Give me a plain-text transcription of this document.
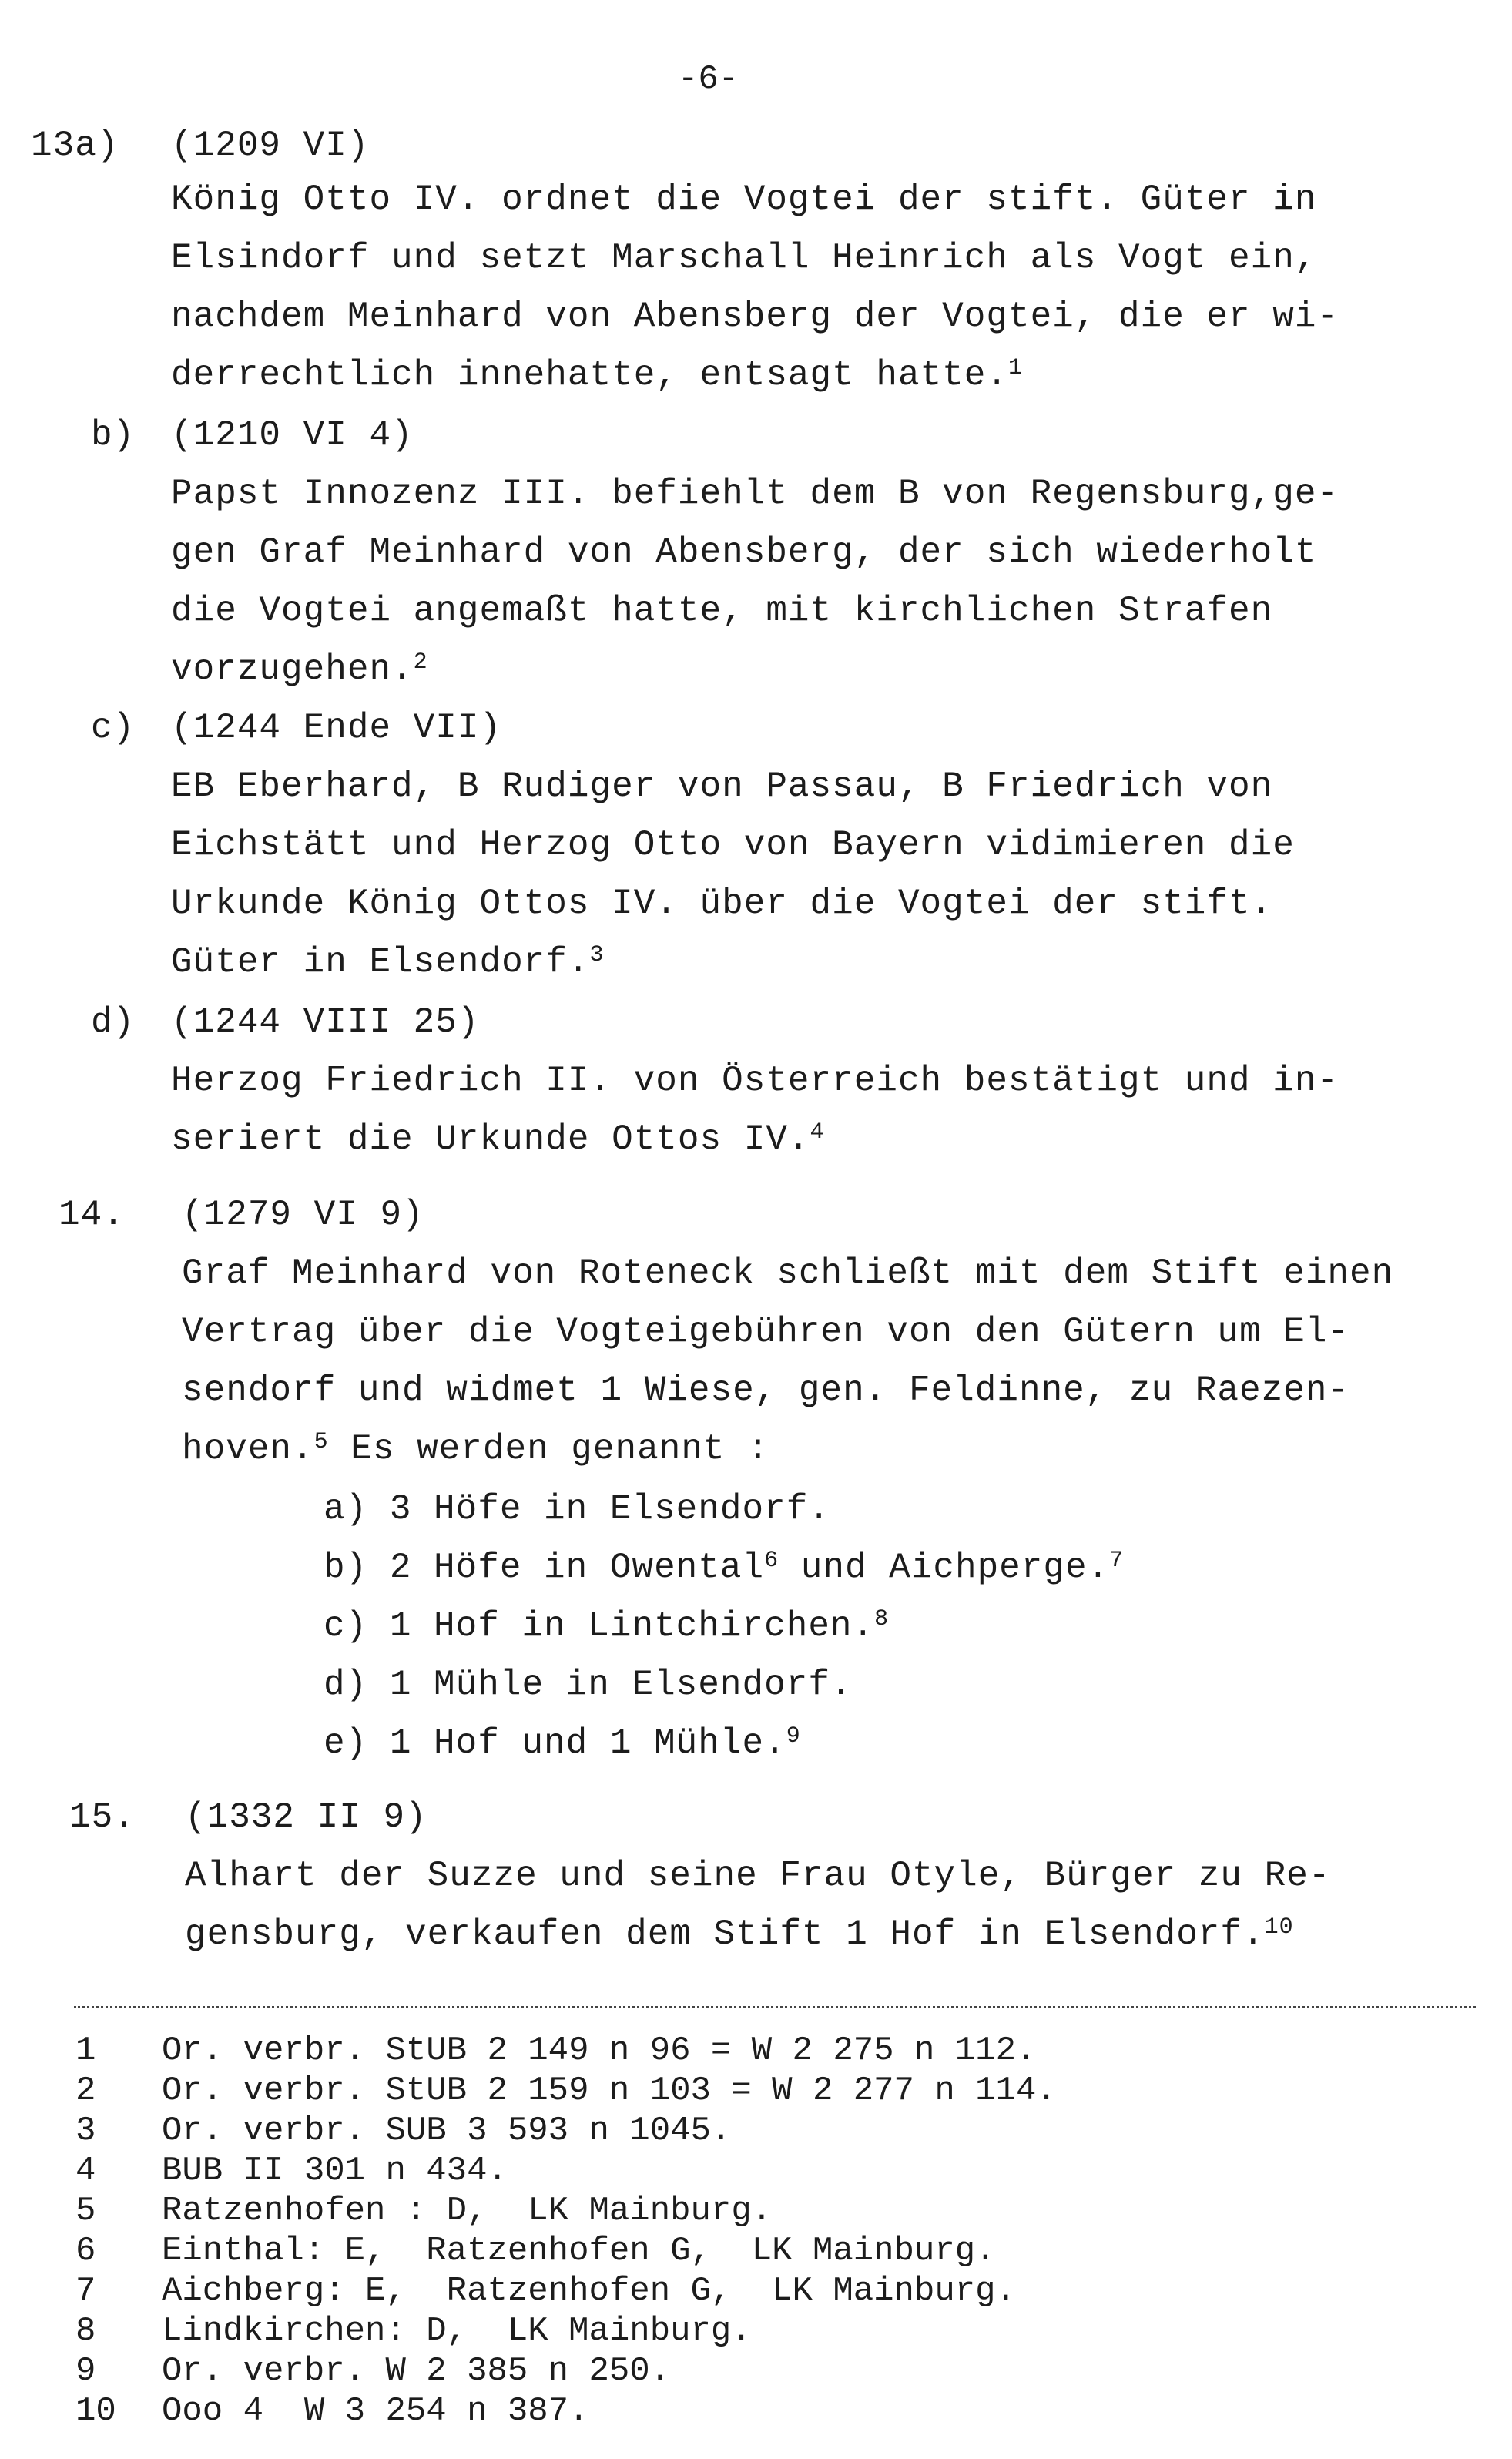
-6-
13a) (1209 VI)
König Otto IV. ordnet die Vogtei der stift. Güter in
Elsindorf und setzt Marschall Heinrich als Vogt ein,
nachdem Meinhard von Abensberg der Vogtei, die er wi-
derrechtlich innehatte, entsagt hatte.$^1$
b) (1210 VI 4)
Papst Innozenz III. befiehlt dem B von Regensburg,ge-
gen Graf Meinhard von Abensberg, der sich wiederholt
die Vogtei angemaßt hatte, mit kirchlichen Strafen
vorzugehen.$^2$
c) (1244 Ende VII)
EB Eberhard, B Rudiger von Passau, B Friedrich von
Eichstätt und Herzog Otto von Bayern vidimieren die
Urkunde König Ottos IV. über die Vogtei der stift.
Güter in Elsendorf.$^3$
d) (1244 VIII 25)
Herzog Friedrich II. von Österreich bestätigt und in-
seriert die Urkunde Ottos IV.$^4$
14. (1279 VI 9)
Graf Meinhard von Roteneck schließt mit dem Stift einen
Vertrag über die Vogteigebühren von den Gütern um El-
sendorf und widmet 1 Wiese, gen. Feldinne, zu Raezen-
hoven.$^5$ Es werden genannt :
a) 3 Höfe in Elsendorf.
b) 2 Höfe in Owental$^6$ und Aichperge.$^7$
c) 1 Hof in Lintchirchen.$^8$
d) 1 Mühle in Elsendorf.
e) 1 Hof und 1 Mühle.$^9$
15. (1332 II 9)
Alhart der Suzze und seine Frau Otyle, Bürger zu Re-
gensburg, verkaufen dem Stift 1 Hof in Elsendorf.$^{10}$
1 Or. verbr. StUB 2 149 n 96 = W 2 275 n 112.
2 Or. verbr. StUB 2 159 n 103 = W 2 277 n 114.
3 Or. verbr. SUB 3 593 n 1045.
4 BUB II 301 n 434.
5 Ratzenhofen : D,  LK Mainburg.
6 Einthal: E,  Ratzenhofen G,  LK Mainburg.
7 Aichberg: E,  Ratzenhofen G,  LK Mainburg.
8 Lindkirchen: D,  LK Mainburg.
9 Or. verbr. W 2 385 n 250.
10 Ooo 4  W 3 254 n 387.
